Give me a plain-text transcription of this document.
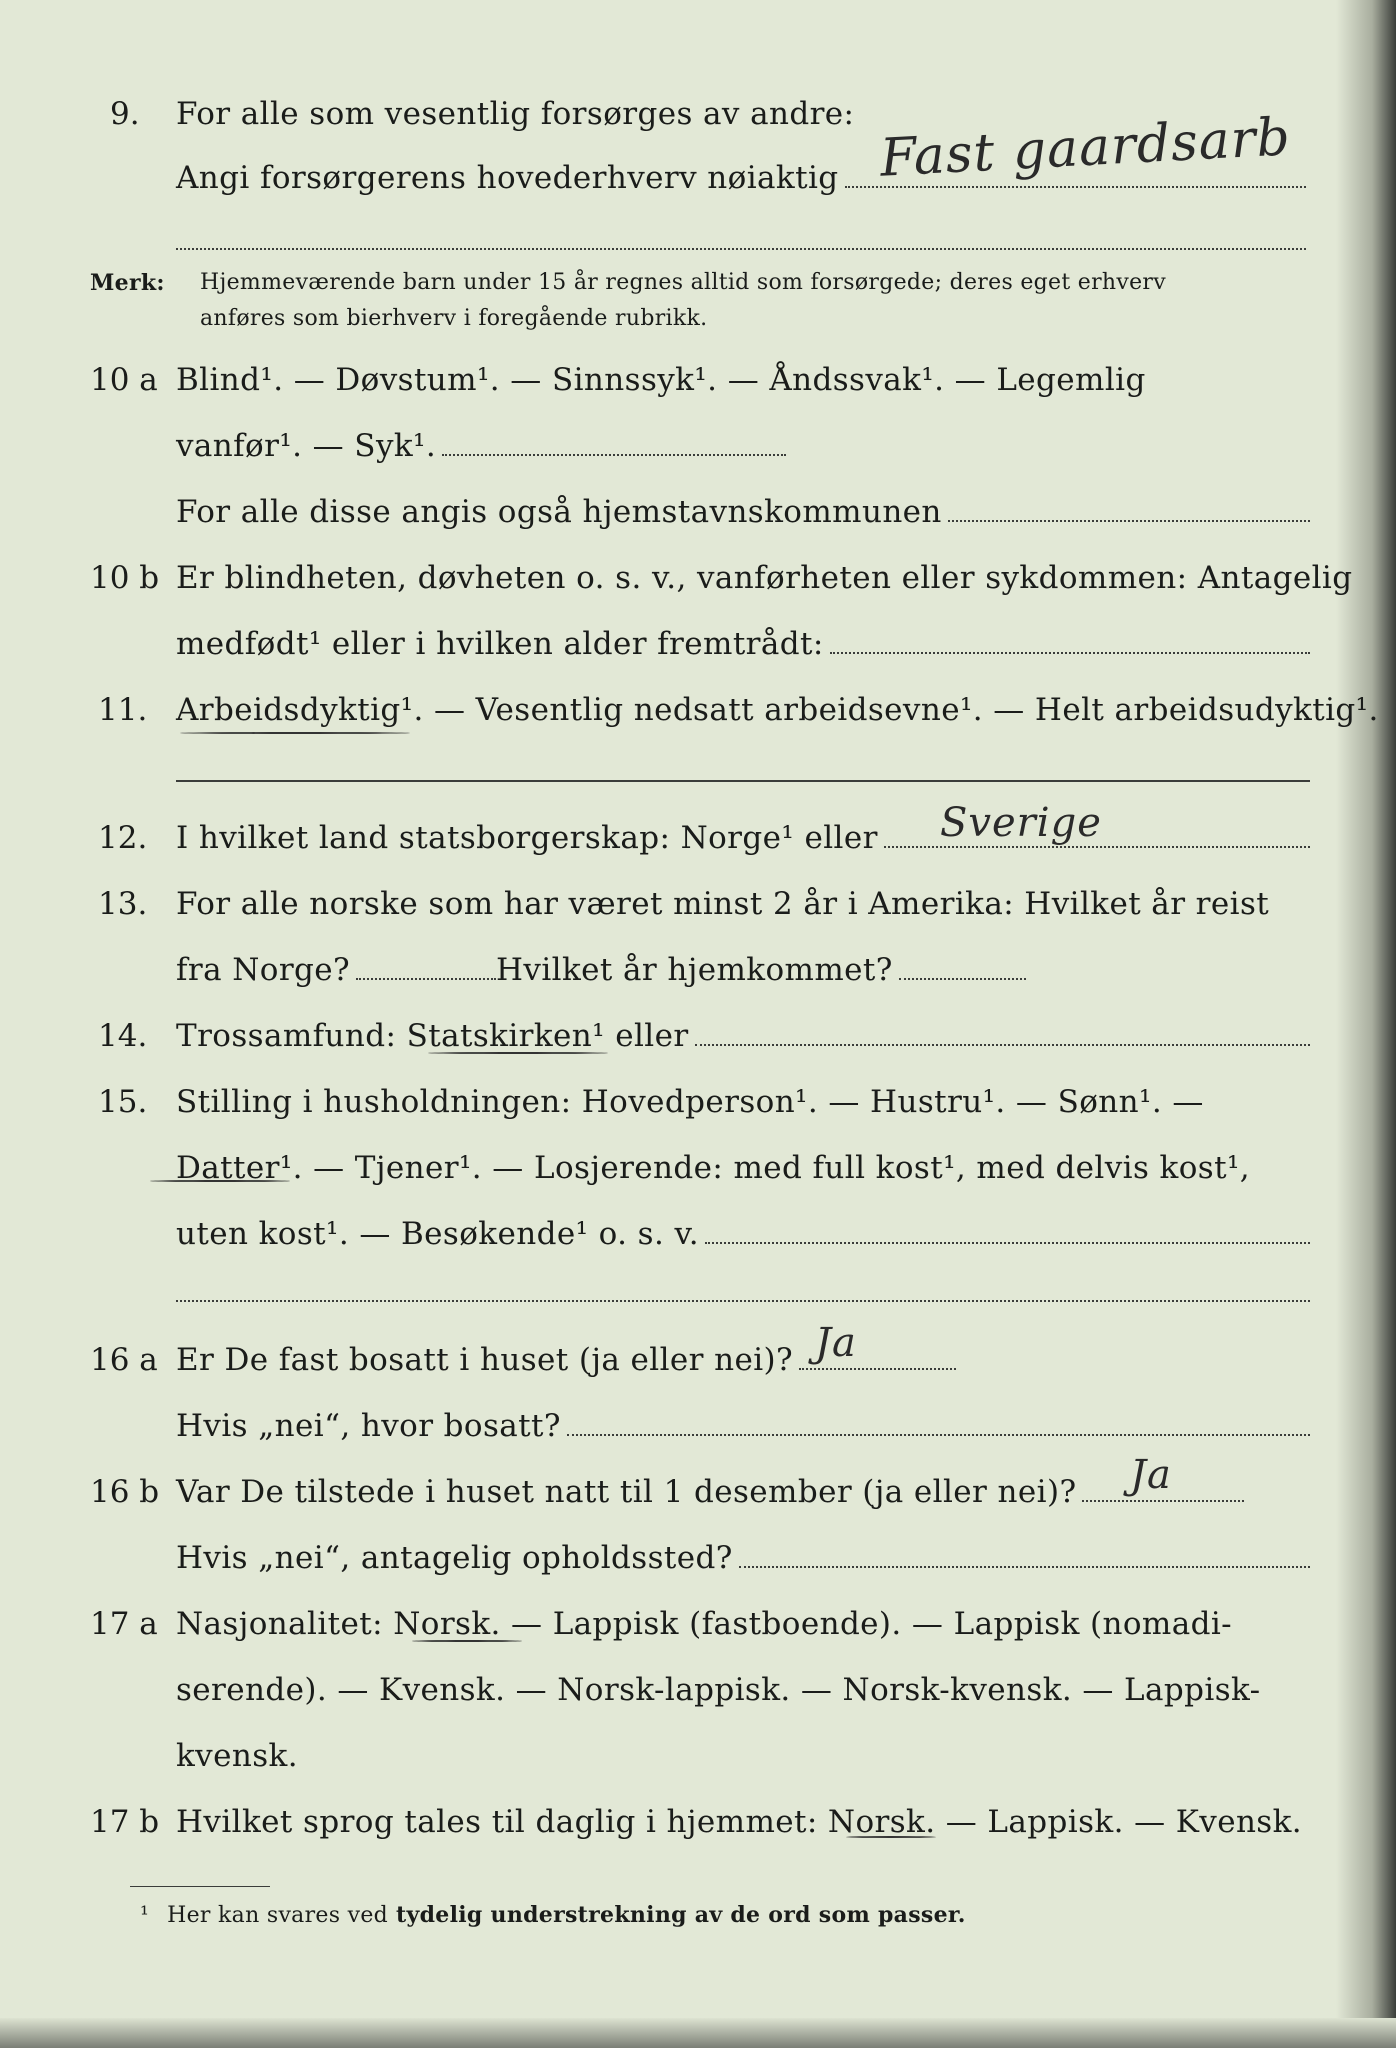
9. For alle som vesentlig forsørges av andre:
Angi forsørgerens hovederhverv nøiaktig Fast gaardsarb
Merk: Hjemmeværende barn under 15 år regnes alltid som forsørgede; deres eget erhverv
anføres som bierhverv i foregående rubrikk.
10 a Blind¹. — Døvstum¹. — Sinnssyk¹. — Åndssvak¹. — Legemlig
vanfør¹. — Syk¹.
For alle disse angis også hjemstavnskommunen
10 b Er blindheten, døvheten o. s. v., vanførheten eller sykdommen: Antagelig
medfødt¹ eller i hvilken alder fremtrådt:
11. Arbeidsdyktig¹. — Vesentlig nedsatt arbeidsevne¹. — Helt arbeidsudyktig¹.
12. I hvilket land statsborgerskap: Norge¹ eller Sverige
13. For alle norske som har været minst 2 år i Amerika: Hvilket år reist
fra Norge?	Hvilket år hjemkommet?
14. Trossamfund: Statskirken¹ eller
15. Stilling i husholdningen: Hovedperson¹. — Hustru¹. — Sønn¹. —
Datter¹. — Tjener¹. — Losjerende: med full kost¹, med delvis kost¹,
uten kost¹. — Besøkende¹ o. s. v.
16 a Er De fast bosatt i huset (ja eller nei)? Ja
Hvis „nei“, hvor bosatt?
16 b Var De tilstede i huset natt til 1 desember (ja eller nei)? Ja
Hvis „nei“, antagelig opholdssted?
17 a Nasjonalitet: Norsk. — Lappisk (fastboende). — Lappisk (nomadi-
serende). — Kvensk. — Norsk-lappisk. — Norsk-kvensk. — Lappisk-
kvensk.
17 b Hvilket sprog tales til daglig i hjemmet: Norsk. — Lappisk. — Kvensk.
¹ Her kan svares ved tydelig understrekning av de ord som passer.
